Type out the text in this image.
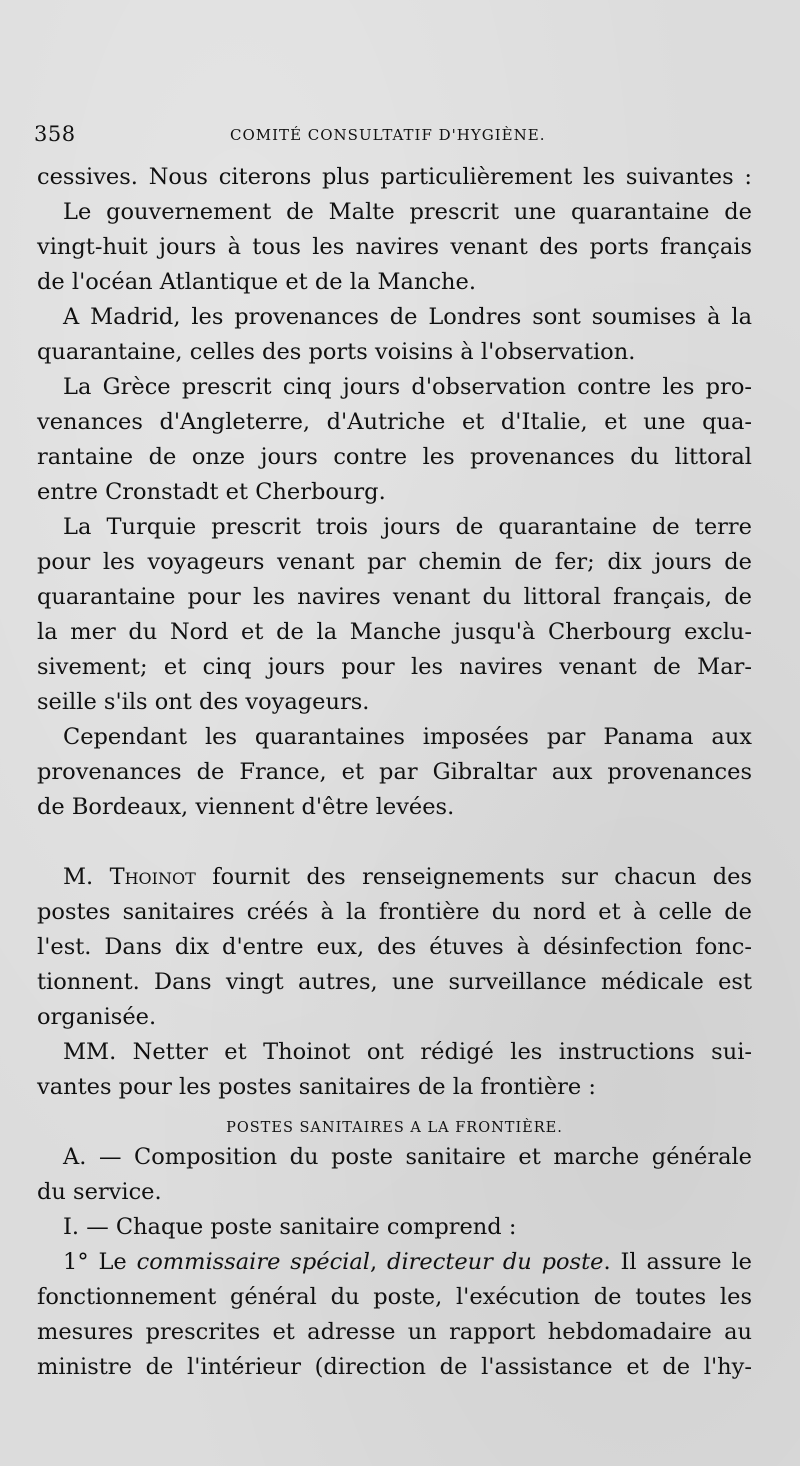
358	COMITÉ CONSULTATIF D'HYGIÈNE.
cessives. Nous citerons plus particulièrement les suivantes :
Le gouvernement de Malte prescrit une quarantaine de
vingt-huit jours à tous les navires venant des ports français
de l'océan Atlantique et de la Manche.
A Madrid, les provenances de Londres sont soumises à la
quarantaine, celles des ports voisins à l'observation.
La Grèce prescrit cinq jours d'observation contre les pro-
venances d'Angleterre, d'Autriche et d'Italie, et une qua-
rantaine de onze jours contre les provenances du littoral
entre Cronstadt et Cherbourg.
La Turquie prescrit trois jours de quarantaine de terre
pour les voyageurs venant par chemin de fer; dix jours de
quarantaine pour les navires venant du littoral français, de
la mer du Nord et de la Manche jusqu'à Cherbourg exclu-
sivement; et cinq jours pour les navires venant de Mar-
seille s'ils ont des voyageurs.
Cependant les quarantaines imposées par Panama aux
provenances de France, et par Gibraltar aux provenances
de Bordeaux, viennent d'être levées.
M. Thoinot fournit des renseignements sur chacun des
postes sanitaires créés à la frontière du nord et à celle de
l'est. Dans dix d'entre eux, des étuves à désinfection fonc-
tionnent. Dans vingt autres, une surveillance médicale est
organisée.
MM. Netter et Thoinot ont rédigé les instructions sui-
vantes pour les postes sanitaires de la frontière :
POSTES SANITAIRES A LA FRONTIÈRE.
A. — Composition du poste sanitaire et marche générale
du service.
I. — Chaque poste sanitaire comprend :
1° Le commissaire spécial, directeur du poste. Il assure le
fonctionnement général du poste, l'exécution de toutes les
mesures prescrites et adresse un rapport hebdomadaire au
ministre de l'intérieur (direction de l'assistance et de l'hy-
